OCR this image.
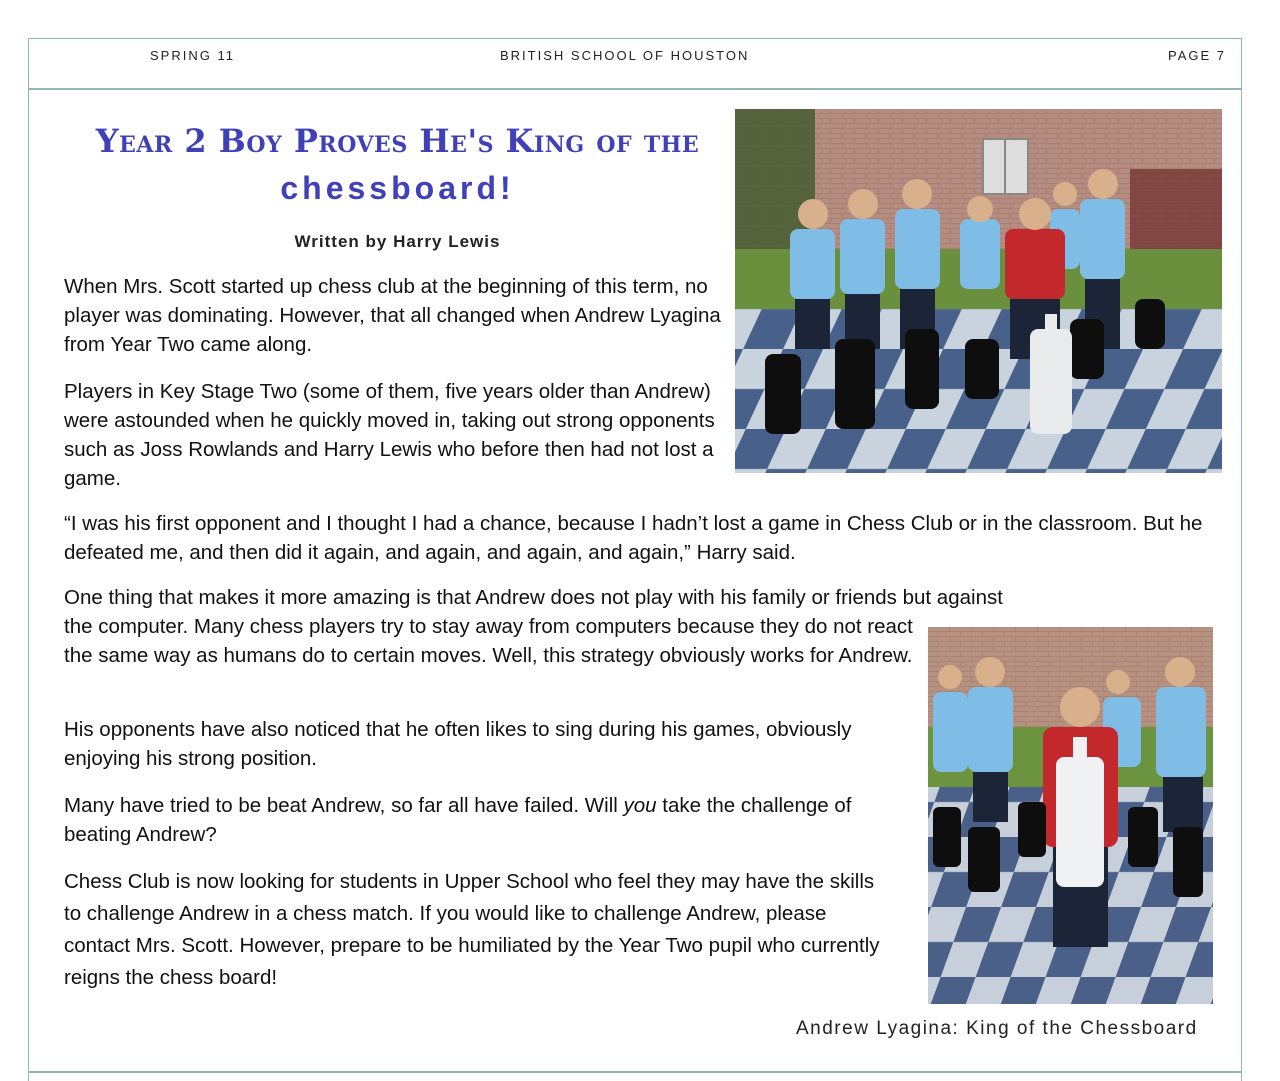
SPRING 11	BRITISH SCHOOL OF HOUSTON	PAGE 7
Year 2 Boy Proves He's King of the
chessboard!
Written by Harry Lewis
When Mrs. Scott started up chess club at the beginning of this term, no player was dominating. However, that all changed when Andrew Lyagina from Year Two came along.
Players in Key Stage Two (some of them, five years older than Andrew) were astounded when he quickly moved in, taking out strong opponents such as Joss Rowlands and Harry Lewis who before then had not lost a game.
“I was his first opponent and I thought I had a chance, because I hadn’t lost a game in Chess Club or in the classroom. But he defeated me, and then did it again, and again, and again, and again,” Harry said.
One thing that makes it more amazing is that Andrew does not play with his family or friends but against
the computer. Many chess players try to stay away from computers because they do not react the same way as humans do to certain moves. Well, this strategy obviously works for Andrew.
His opponents have also noticed that he often likes to sing during his games, obviously enjoying his strong position.
Many have tried to be beat Andrew, so far all have failed. Will you take the challenge of beating Andrew?
Chess Club is now looking for students in Upper School who feel they may have the skills to challenge Andrew in a chess match. If you would like to challenge Andrew, please contact Mrs. Scott. However, prepare to be humiliated by the Year Two pupil who currently reigns the chess board!
Andrew Lyagina: King of the Chessboard
